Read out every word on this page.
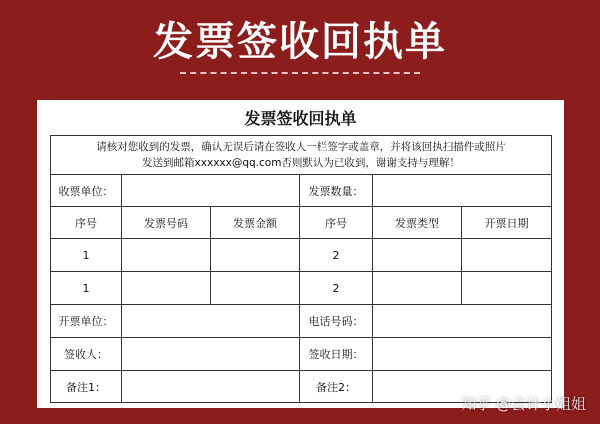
发票签收回执单
发票签收回执单
请核对您收到的发票，确认无误后请在签收人一栏签字或盖章，并将该回执扫描件或照片
发送到邮箱xxxxxx@qq.com否则默认为已收到，谢谢支持与理解！					

收票单位：			发票数量：		
序号	发票号码	发票金额	序号	发票类型	开票日期
1			2		
1			2		
开票单位：			电话号码：		
签收人：			签收日期：		
备注1：			备注2：		
知乎 @会计小姐姐
